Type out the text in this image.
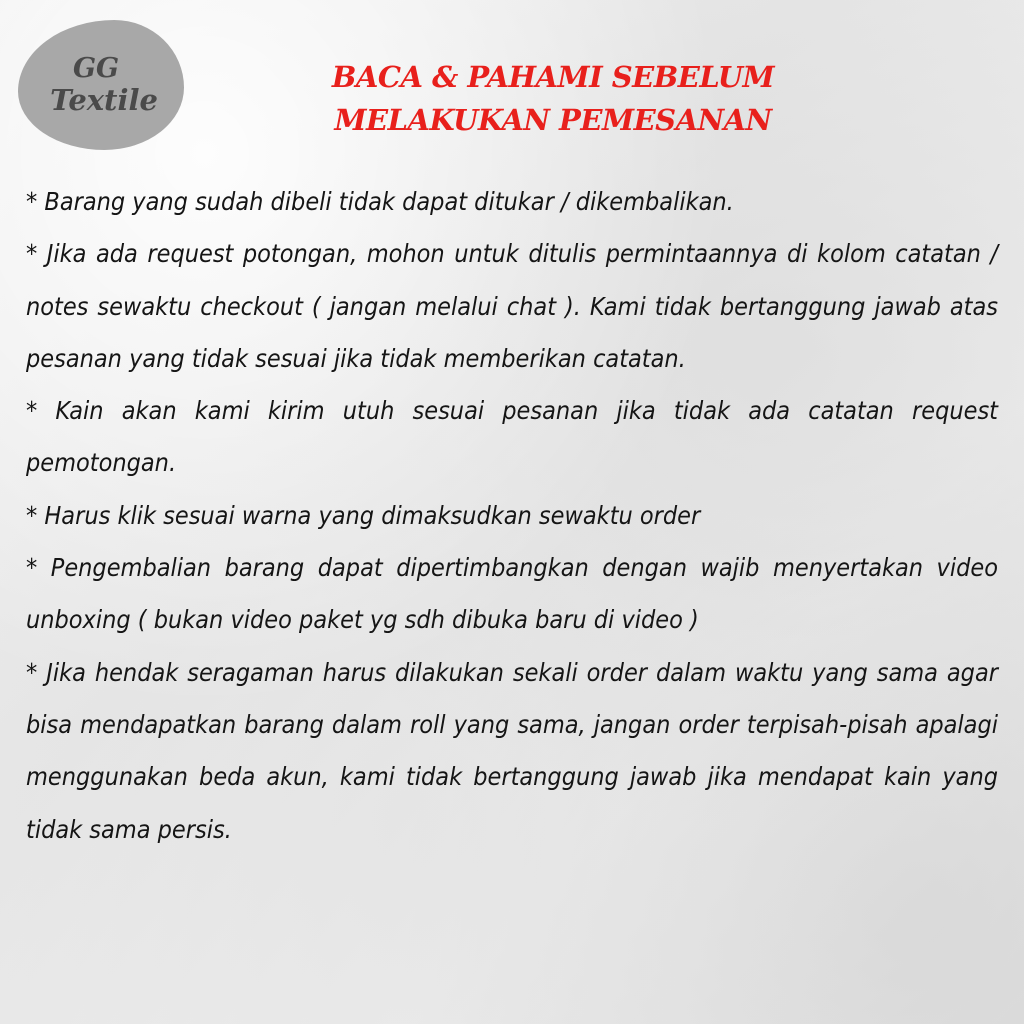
GG
Textile
BACA & PAHAMI SEBELUM
MELAKUKAN PEMESANAN

* Barang yang sudah dibeli tidak dapat ditukar / dikembalikan.

* Jika ada request potongan, mohon untuk ditulis permintaannya di kolom catatan / notes sewaktu checkout ( jangan melalui chat ). Kami tidak bertanggung jawab atas pesanan yang tidak sesuai jika tidak memberikan catatan.

* Kain akan kami kirim utuh sesuai pesanan jika tidak ada catatan request pemotongan.

* Harus klik sesuai warna yang dimaksudkan sewaktu order

* Pengembalian barang dapat dipertimbangkan dengan wajib menyertakan video unboxing ( bukan video paket yg sdh dibuka baru di video )

* Jika hendak seragaman harus dilakukan sekali order dalam waktu yang sama agar bisa mendapatkan barang dalam roll yang sama, jangan order terpisah-pisah apalagi menggunakan beda akun, kami tidak bertanggung jawab jika mendapat kain yang tidak sama persis.
